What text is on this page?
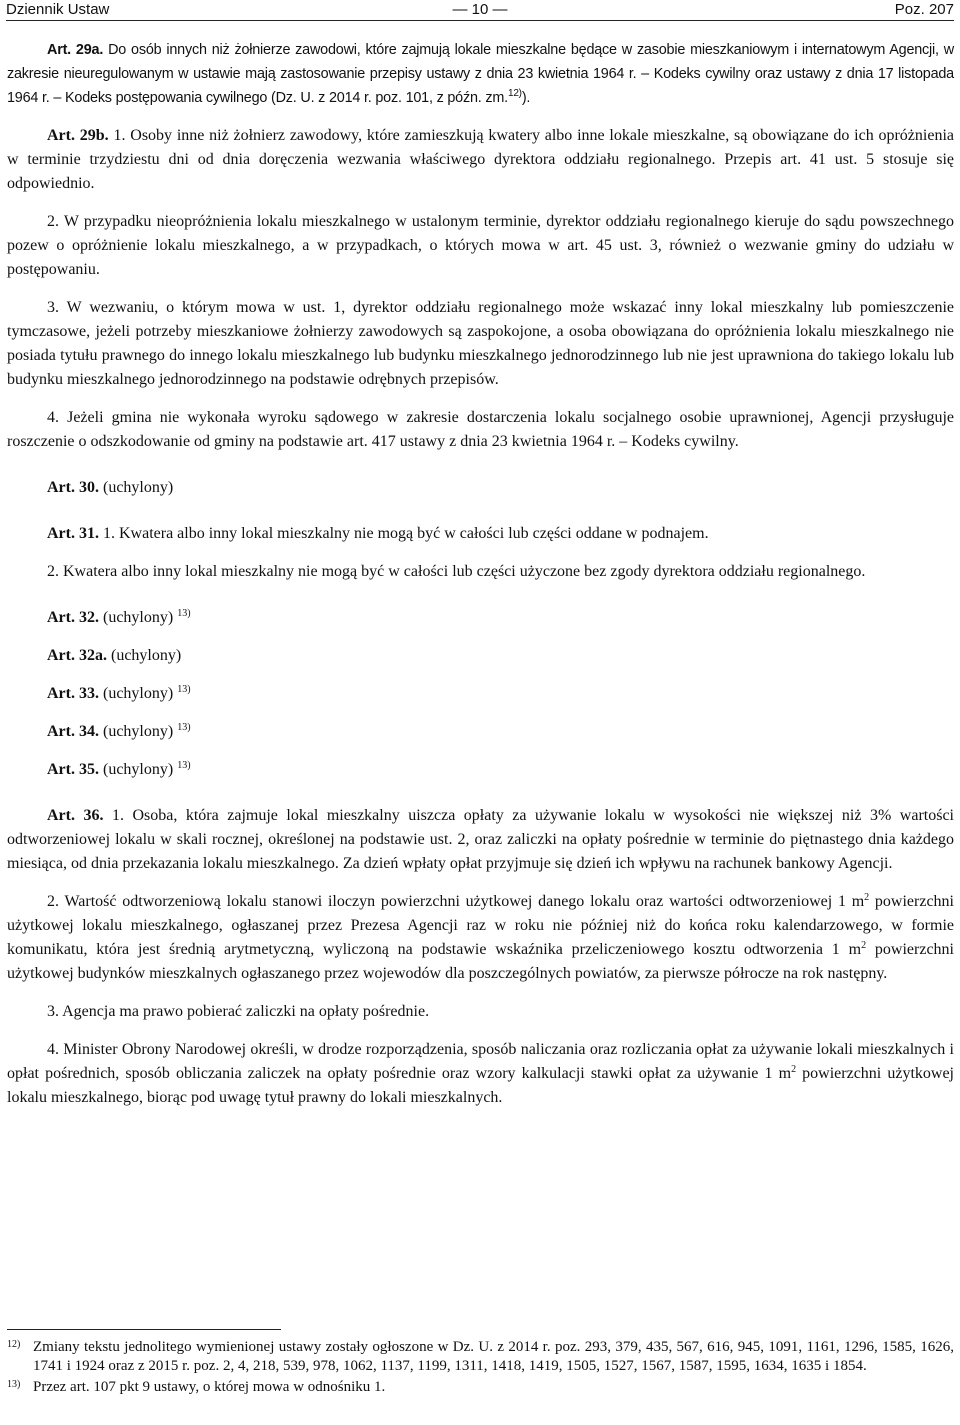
Dziennik Ustaw	— 10 —	Poz. 207

Art. 29a. Do osób innych niż żołnierze zawodowi, które zajmują lokale mieszkalne będące w zasobie mieszkaniowym i internatowym Agencji, w zakresie nieuregulowanym w ustawie mają zastosowanie przepisy ustawy z dnia 23 kwietnia 1964 r. – Kodeks cywilny oraz ustawy z dnia 17 listopada 1964 r. – Kodeks postępowania cywilnego (Dz. U. z 2014 r. poz. 101, z późn. zm.$^{12)}$).

Art. 29b. 1. Osoby inne niż żołnierz zawodowy, które zamieszkują kwatery albo inne lokale mieszkalne, są obowiązane do ich opróżnienia w terminie trzydziestu dni od dnia doręczenia wezwania właściwego dyrektora oddziału regionalnego. Przepis art. 41 ust. 5 stosuje się odpowiednio.

2. W przypadku nieopróżnienia lokalu mieszkalnego w ustalonym terminie, dyrektor oddziału regionalnego kieruje do sądu powszechnego pozew o opróżnienie lokalu mieszkalnego, a w przypadkach, o których mowa w art. 45 ust. 3, również o wezwanie gminy do udziału w postępowaniu.

3. W wezwaniu, o którym mowa w ust. 1, dyrektor oddziału regionalnego może wskazać inny lokal mieszkalny lub pomieszczenie tymczasowe, jeżeli potrzeby mieszkaniowe żołnierzy zawodowych są zaspokojone, a osoba obowiązana do opróżnienia lokalu mieszkalnego nie posiada tytułu prawnego do innego lokalu mieszkalnego lub budynku mieszkalnego jednorodzinnego lub nie jest uprawniona do takiego lokalu lub budynku mieszkalnego jednorodzinnego na podstawie odrębnych przepisów.

4. Jeżeli gmina nie wykonała wyroku sądowego w zakresie dostarczenia lokalu socjalnego osobie uprawnionej, Agencji przysługuje roszczenie o odszkodowanie od gminy na podstawie art. 417 ustawy z dnia 23 kwietnia 1964 r. – Kodeks cywilny.

Art. 30. (uchylony)

Art. 31. 1. Kwatera albo inny lokal mieszkalny nie mogą być w całości lub części oddane w podnajem.

2. Kwatera albo inny lokal mieszkalny nie mogą być w całości lub części użyczone bez zgody dyrektora oddziału regionalnego.

Art. 32. (uchylony) $^{13)}$

Art. 32a. (uchylony)

Art. 33. (uchylony) $^{13)}$

Art. 34. (uchylony) $^{13)}$

Art. 35. (uchylony) $^{13)}$

Art. 36. 1. Osoba, która zajmuje lokal mieszkalny uiszcza opłaty za używanie lokalu w wysokości nie większej niż 3% wartości odtworzeniowej lokalu w skali rocznej, określonej na podstawie ust. 2, oraz zaliczki na opłaty pośrednie w terminie do piętnastego dnia każdego miesiąca, od dnia przekazania lokalu mieszkalnego. Za dzień wpłaty opłat przyjmuje się dzień ich wpływu na rachunek bankowy Agencji.

2. Wartość odtworzeniową lokalu stanowi iloczyn powierzchni użytkowej danego lokalu oraz wartości odtworzeniowej 1 $m^2$ powierzchni użytkowej lokalu mieszkalnego, ogłaszanej przez Prezesa Agencji raz w roku nie później niż do końca roku kalendarzowego, w formie komunikatu, która jest średnią arytmetyczną, wyliczoną na podstawie wskaźnika przeliczeniowego kosztu odtworzenia 1 $m^2$ powierzchni użytkowej budynków mieszkalnych ogłaszanego przez wojewodów dla poszczególnych powiatów, za pierwsze półrocze na rok następny.

3. Agencja ma prawo pobierać zaliczki na opłaty pośrednie.

4. Minister Obrony Narodowej określi, w drodze rozporządzenia, sposób naliczania oraz rozliczania opłat za używanie lokali mieszkalnych i opłat pośrednich, sposób obliczania zaliczek na opłaty pośrednie oraz wzory kalkulacji stawki opłat za używanie 1 $m^2$ powierzchni użytkowej lokalu mieszkalnego, biorąc pod uwagę tytuł prawny do lokali mieszkalnych.

12) Zmiany tekstu jednolitego wymienionej ustawy zostały ogłoszone w Dz. U. z 2014 r. poz. 293, 379, 435, 567, 616, 945, 1091, 1161, 1296, 1585, 1626, 1741 i 1924 oraz z 2015 r. poz. 2, 4, 218, 539, 978, 1062, 1137, 1199, 1311, 1418, 1419, 1505, 1527, 1567, 1587, 1595, 1634, 1635 i 1854.
13) Przez art. 107 pkt 9 ustawy, o której mowa w odnośniku 1.
